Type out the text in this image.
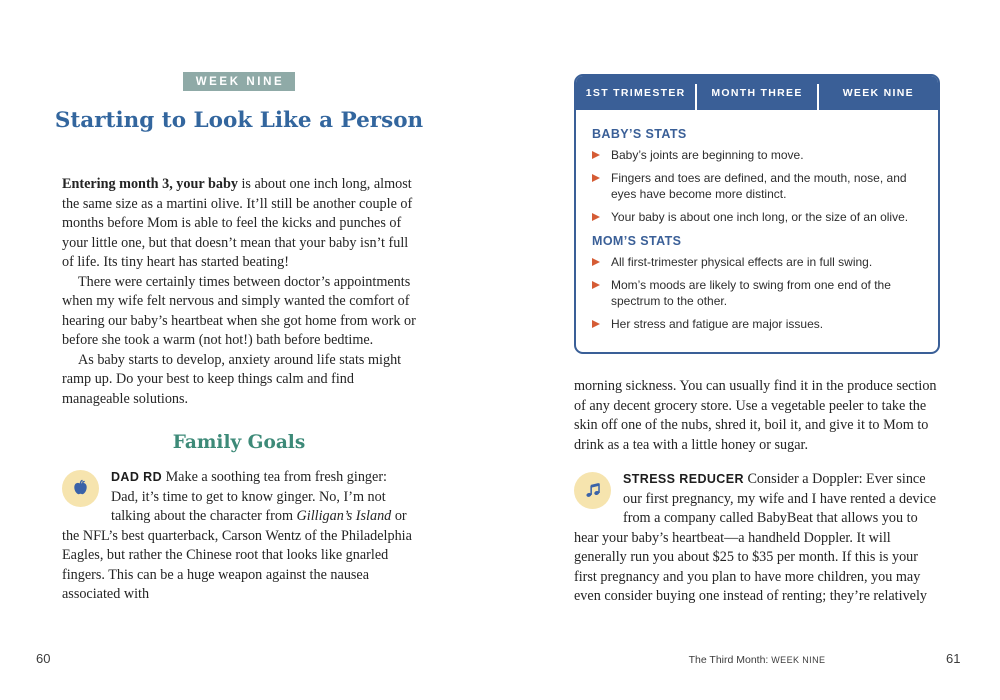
WEEK NINE
Starting to Look Like a Person

Entering month 3, your baby is about one inch long, almost the same size as a martini olive. It’ll still be another couple of months before Mom is able to feel the kicks and punches of your little one, but that doesn’t mean that your baby isn’t full of life. Its tiny heart has started beating!

There were certainly times between doctor’s appointments when my wife felt nervous and simply wanted the comfort of hearing our baby’s heartbeat when she got home from work or before she took a warm (not hot!) bath before bedtime.

As baby starts to develop, anxiety around life stats might ramp up. Do your best to keep things calm and find manageable solutions.

Family Goals
DAD RD Make a soothing tea from fresh ginger: Dad, it’s time to get to know ginger. No, I’m not talking about the character from Gilligan’s Island or the NFL’s best quarterback, Carson Wentz of the Philadelphia Eagles, but rather the Chinese root that looks like gnarled fingers. This can be a huge weapon against the nausea associated with
1ST TRIMESTER	MONTH THREE	WEEK NINE
BABY’S STATS
Baby’s joints are beginning to move.
Fingers and toes are defined, and the mouth, nose, and eyes have become more distinct.
Your baby is about one inch long, or the size of an olive.
MOM’S STATS
All first-trimester physical effects are in full swing.
Mom’s moods are likely to swing from one end of the spectrum to the other.
Her stress and fatigue are major issues.

morning sickness. You can usually find it in the produce section of any decent grocery store. Use a vegetable peeler to take the skin off one of the nubs, shred it, boil it, and give it to Mom to drink as a tea with a little honey or sugar.

STRESS REDUCER Consider a Doppler: Ever since our first pregnancy, my wife and I have rented a device from a company called BabyBeat that allows you to hear your baby’s heartbeat—a handheld Doppler. It will generally run you about $25 to $35 per month. If this is your first pregnancy and you plan to have more children, you may even consider buying one instead of renting; they’re relatively
60	The Third Month: WEEK NINE	61
